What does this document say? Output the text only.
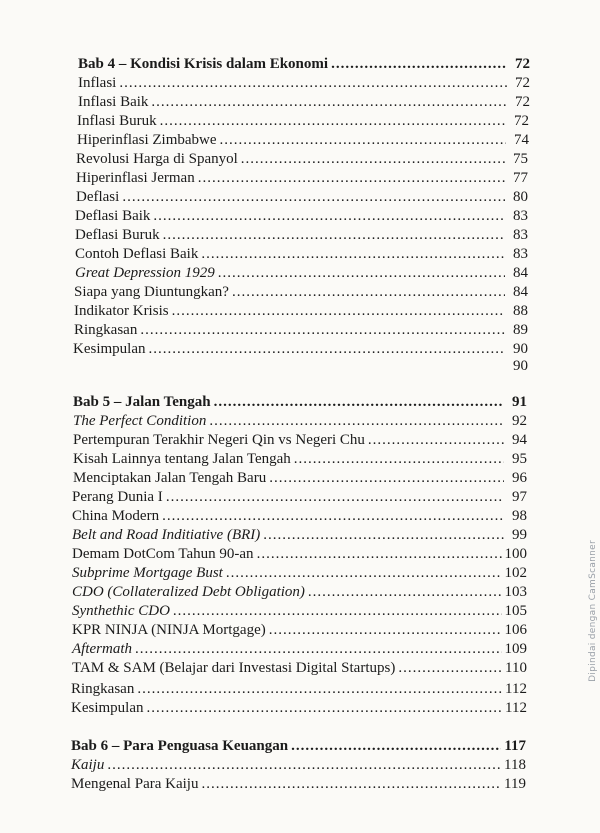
Bab 4 – Kondisi Krisis dalam Ekonomi .....	72
Inflasi .....	72
Inflasi Baik .....	72
Inflasi Buruk .....	72
Hiperinflasi Zimbabwe .....	74
Revolusi Harga di Spanyol .....	75
Hiperinflasi Jerman .....	77
Deflasi .....	80
Deflasi Baik .....	83
Deflasi Buruk .....	83
Contoh Deflasi Baik .....	83
Great Depression 1929 .....	84
Siapa yang Diuntungkan? .....	84
Indikator Krisis .....	88
Ringkasan .....	89
Kesimpulan .....	90
90
Bab 5 – Jalan Tengah .....	91
The Perfect Condition .....	92
Pertempuran Terakhir Negeri Qin vs Negeri Chu .....	94
Kisah Lainnya tentang Jalan Tengah .....	95
Menciptakan Jalan Tengah Baru .....	96
Perang Dunia I .....	97
China Modern .....	98
Belt and Road Inditiative (BRI) .....	99
Demam DotCom Tahun 90-an .....	100
Subprime Mortgage Bust .....	102
CDO (Collateralized Debt Obligation) .....	103
Synthethic CDO .....	105
KPR NINJA (NINJA Mortgage) .....	106
Aftermath .....	109
TAM & SAM (Belajar dari Investasi Digital Startups) .....	110
Ringkasan .....	112
Kesimpulan .....	112
Bab 6 – Para Penguasa Keuangan .....	117
Kaiju .....	118
Mengenal Para Kaiju .....	119
Dipindai dengan CamScanner
